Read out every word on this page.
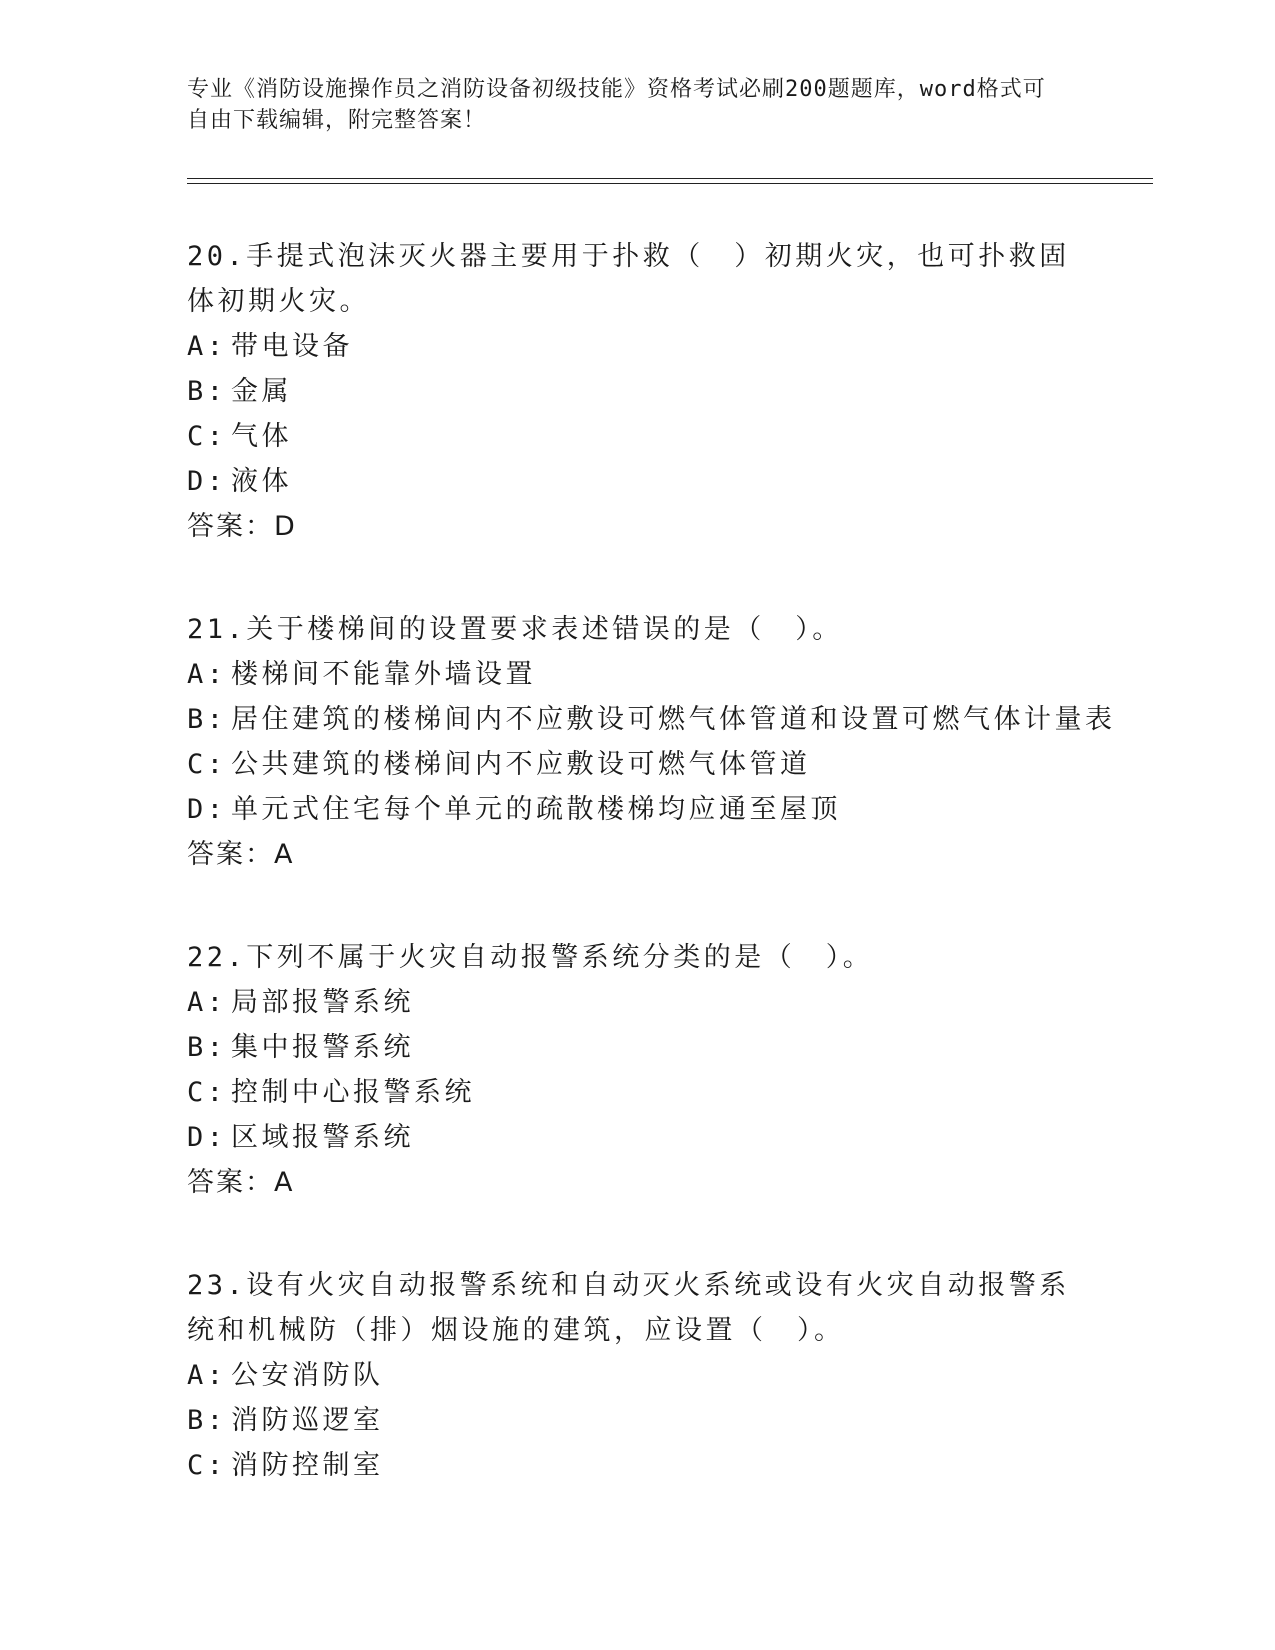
专业《消防设施操作员之消防设备初级技能》资格考试必刷200题题库，word格式可自由下载编辑，附完整答案！

20.手提式泡沫灭火器主要用于扑救（　）初期火灾，也可扑救固体初期火灾。

A: 带电设备

B: 金属

C: 气体

D: 液体

答案：D

21.关于楼梯间的设置要求表述错误的是（　）。

A: 楼梯间不能靠外墙设置

B: 居住建筑的楼梯间内不应敷设可燃气体管道和设置可燃气体计量表

C: 公共建筑的楼梯间内不应敷设可燃气体管道

D: 单元式住宅每个单元的疏散楼梯均应通至屋顶

答案：A

22.下列不属于火灾自动报警系统分类的是（　）。

A: 局部报警系统

B: 集中报警系统

C: 控制中心报警系统

D: 区域报警系统

答案：A

23.设有火灾自动报警系统和自动灭火系统或设有火灾自动报警系统和机械防（排）烟设施的建筑，应设置（　）。

A: 公安消防队

B: 消防巡逻室

C: 消防控制室
